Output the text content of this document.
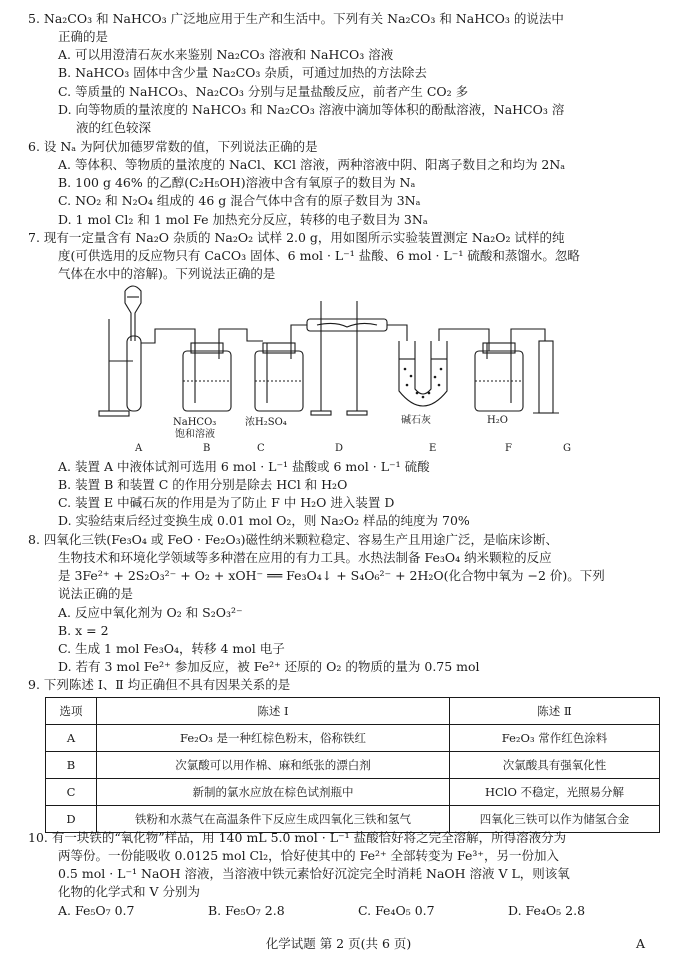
5. Na₂CO₃ 和 NaHCO₃ 广泛地应用于生产和生活中。下列有关 Na₂CO₃ 和 NaHCO₃ 的说法中

正确的是

A. 可以用澄清石灰水来鉴别 Na₂CO₃ 溶液和 NaHCO₃ 溶液

B. NaHCO₃ 固体中含少量 Na₂CO₃ 杂质，可通过加热的方法除去

C. 等质量的 NaHCO₃、Na₂CO₃ 分别与足量盐酸反应，前者产生 CO₂ 多

D. 向等物质的量浓度的 NaHCO₃ 和 Na₂CO₃ 溶液中滴加等体积的酚酞溶液，NaHCO₃ 溶

液的红色较深

6. 设 Nₐ 为阿伏加德罗常数的值，下列说法正确的是

A. 等体积、等物质的量浓度的 NaCl、KCl 溶液，两种溶液中阴、阳离子数目之和均为 2Nₐ

B. 100 g 46% 的乙醇(C₂H₅OH)溶液中含有氧原子的数目为 Nₐ

C. NO₂ 和 N₂O₄ 组成的 46 g 混合气体中含有的原子数目为 3Nₐ

D. 1 mol Cl₂ 和 1 mol Fe 加热充分反应，转移的电子数目为 3Nₐ

7. 现有一定量含有 Na₂O 杂质的 Na₂O₂ 试样 2.0 g，用如图所示实验装置测定 Na₂O₂ 试样的纯

度(可供选用的反应物只有 CaCO₃ 固体、6 mol · L⁻¹ 盐酸、6 mol · L⁻¹ 硫酸和蒸馏水。忽略

气体在水中的溶解)。下列说法正确的是

NaHCO₃
饱和溶液
浓H₂SO₄	碱石灰	H₂O
A	B	C	D	E	F	G

A. 装置 A 中液体试剂可选用 6 mol · L⁻¹ 盐酸或 6 mol · L⁻¹ 硫酸

B. 装置 B 和装置 C 的作用分别是除去 HCl 和 H₂O

C. 装置 E 中碱石灰的作用是为了防止 F 中 H₂O 进入装置 D

D. 实验结束后经过变换生成 0.01 mol O₂，则 Na₂O₂ 样品的纯度为 70%

8. 四氧化三铁(Fe₃O₄ 或 FeO · Fe₂O₃)磁性纳米颗粒稳定、容易生产且用途广泛，是临床诊断、

生物技术和环境化学领域等多种潜在应用的有力工具。水热法制备 Fe₃O₄ 纳米颗粒的反应

是 3Fe²⁺ + 2S₂O₃²⁻ + O₂ + xOH⁻ ══ Fe₃O₄↓ + S₄O₆²⁻ + 2H₂O(化合物中氧为 −2 价)。下列

说法正确的是

A. 反应中氧化剂为 O₂ 和 S₂O₃²⁻

B. x = 2

C. 生成 1 mol Fe₃O₄，转移 4 mol 电子

D. 若有 3 mol Fe²⁺ 参加反应，被 Fe²⁺ 还原的 O₂ 的物质的量为 0.75 mol

9. 下列陈述 Ⅰ、Ⅱ 均正确但不具有因果关系的是

选项	陈述 Ⅰ	陈述 Ⅱ
A	Fe₂O₃ 是一种红棕色粉末，俗称铁红	Fe₂O₃ 常作红色涂料
B	次氯酸可以用作棉、麻和纸张的漂白剂	次氯酸具有强氧化性
C	新制的氯水应放在棕色试剂瓶中	HClO 不稳定，光照易分解
D	铁粉和水蒸气在高温条件下反应生成四氧化三铁和氢气	四氧化三铁可以作为储氢合金

10. 有一块铁的“氧化物”样品，用 140 mL 5.0 mol · L⁻¹ 盐酸恰好将之完全溶解，所得溶液分为

两等份。一份能吸收 0.0125 mol Cl₂，恰好使其中的 Fe²⁺ 全部转变为 Fe³⁺，另一份加入

0.5 mol · L⁻¹ NaOH 溶液，当溶液中铁元素恰好沉淀完全时消耗 NaOH 溶液 V L，则该氧

化物的化学式和 V 分别为

A. Fe₅O₇ 0.7	B. Fe₅O₇ 2.8	C. Fe₄O₅ 0.7	D. Fe₄O₅ 2.8
化学试题 第 2 页(共 6 页)	A
